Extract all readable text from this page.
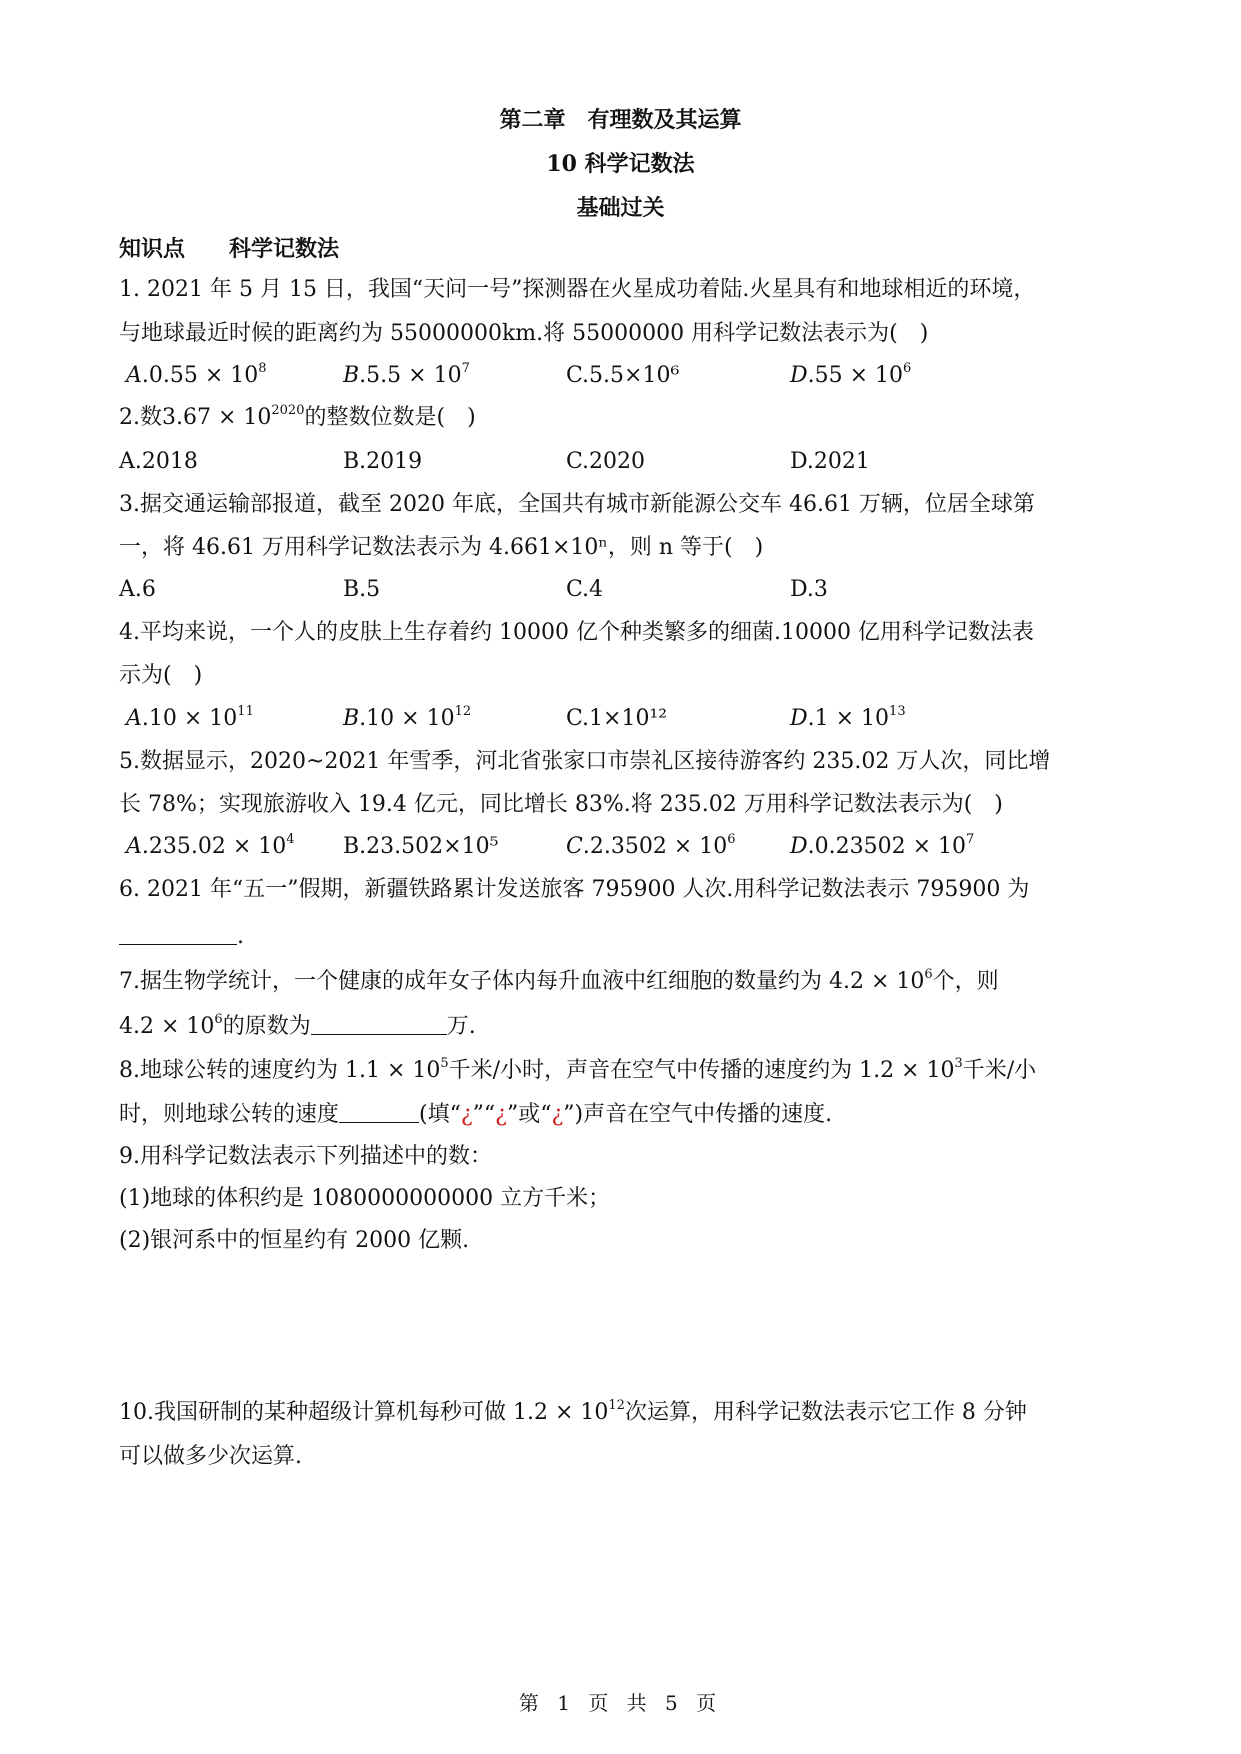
第二章　有理数及其运算
10 科学记数法
基础过关
知识点　　科学记数法
1. 2021 年 5 月 15 日，我国“天问一号”探测器在火星成功着陆.火星具有和地球相近的环境，
与地球最近时候的距离约为 55000000km.将 55000000 用科学记数法表示为(　)
$A.0.55 \times 10^8$	$B.5.5 \times 10^7$	C.5.5×10⁶	$D.55 \times 10^6$
2.数$3.67 \times 10^{2020}$的整数位数是(　)
A.2018	B.2019	C.2020	D.2021
3.据交通运输部报道，截至 2020 年底，全国共有城市新能源公交车 46.61 万辆，位居全球第
一，将 46.61 万用科学记数法表示为 4.661×10ⁿ，则 n 等于(　)
A.6	B.5	C.4	D.3
4.平均来说，一个人的皮肤上生存着约 10000 亿个种类繁多的细菌.10000 亿用科学记数法表
示为(　)
$A.10 \times 10^{11}$	$B.10 \times 10^{12}$	C.1×10¹²	$D.1 \times 10^{13}$
5.数据显示，2020~2021 年雪季，河北省张家口市崇礼区接待游客约 235.02 万人次，同比增
长 78%；实现旅游收入 19.4 亿元，同比增长 83%.将 235.02 万用科学记数法表示为(　)
$A.235.02 \times 10^4$ B.23.502×10⁵	$C.2.3502 \times 10^6$ $D.0.23502 \times 10^7$
6. 2021 年“五一”假期，新疆铁路累计发送旅客 795900 人次.用科学记数法表示 795900 为
.
7.据生物学统计，一个健康的成年女子体内每升血液中红细胞的数量约为 $4.2 \times 10^6$个，则
$4.2 \times 10^6$的原数为	万.
8.地球公转的速度约为 $1.1 \times 10^5$千米/小时，声音在空气中传播的速度约为 $1.2 \times 10^3$千米/小
时，则地球公转的速度	(填“¿”“¿”或“¿”)声音在空气中传播的速度.
9.用科学记数法表示下列描述中的数：
(1)地球的体积约是 1080000000000 立方千米；
(2)银河系中的恒星约有 2000 亿颗.
10.我国研制的某种超级计算机每秒可做 $1.2 \times 10^{12}$次运算，用科学记数法表示它工作 8 分钟
可以做多少次运算.
第 1 页 共 5 页
